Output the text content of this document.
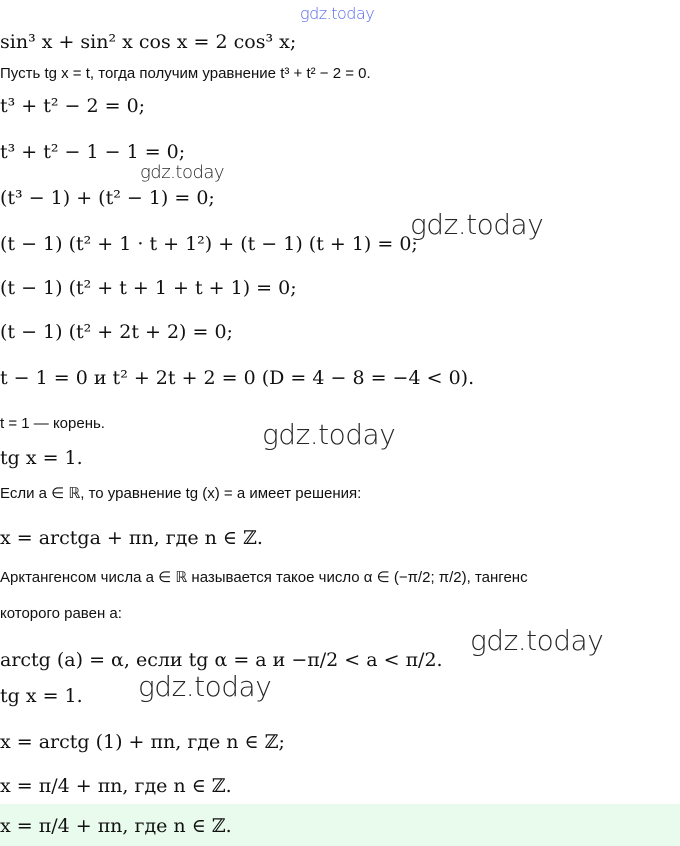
sin³ x + sin² x cos x = 2 cos³ x;
Пусть tg x = t, тогда получим уравнение t³ + t² − 2 = 0.
t³ + t² − 2 = 0;
t³ + t² − 1 − 1 = 0;
(t³ − 1) + (t² − 1) = 0;
(t − 1) (t² + 1 · t + 1²) + (t − 1) (t + 1) = 0;
(t − 1) (t² + t + 1 + t + 1) = 0;
(t − 1) (t² + 2t + 2) = 0;
t − 1 = 0 и t² + 2t + 2 = 0 (D = 4 − 8 = −4 < 0).
t = 1 — корень.
tg x = 1.
Если a ∈ ℝ, то уравнение tg (x) = a имеет решения:
x = arctga + πn, где n ∈ ℤ.
Арктангенсом числа a ∈ ℝ называется такое число α ∈ (−π/2; π/2), тангенс
которого равен a:
arctg (a) = α, если tg α = a и −π/2 < a < π/2.
tg x = 1.
x = arctg (1) + πn, где n ∈ ℤ;
x = π/4 + πn, где n ∈ ℤ.
x = π/4 + πn, где n ∈ ℤ.
gdz.today
gdz.today
gdz.today
gdz.today
gdz.today
gdz.today
